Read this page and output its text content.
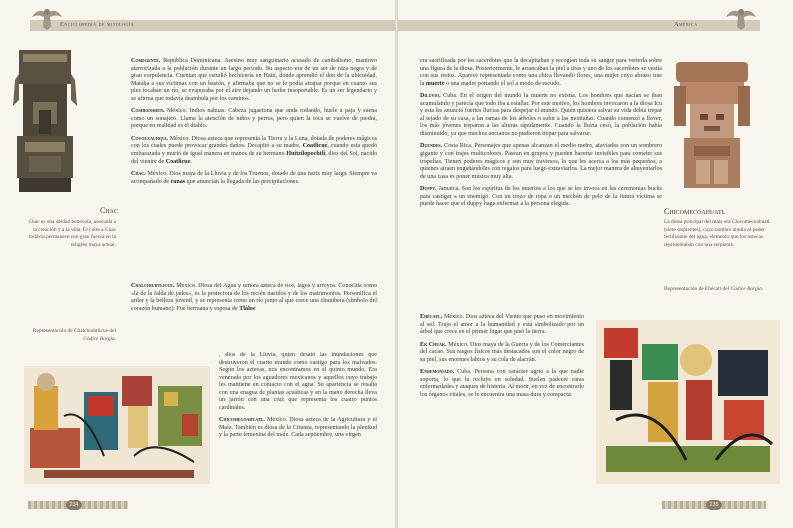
Enciclopedia de mitología
Chac
Chac es una deidad benévola, asociada a la creación y a la vida. El culto a Chac todavía permanece con gran fuerza en la religión maya actual.
Representación de Chalchiuhtlicue del Códice Borgia.

Comegente. República Dominicana. Asesino muy sanguinario acusado de canibalismo, mantuvo aterrorizada a la población durante un largo período. Su aspecto era de un ser de raza negra y de gran corpulencia. Cuentan que estudió hechicería en Haití, donde aprendió el don de la ubicuidad. Mataba a sus víctimas con un bastón, y afirmaba que no se le podía atrapar porque en cuanto sus pies tocaban un río, se evaporaba por el aire dejando un hedor insoportable. Es un ser legendario y se afirma que todavía deambula por los caminos.

Cosheenshen. México. Indios nahuas. Cabeza jugaetona que anda rodando, huele a paja y suena como un sonajero. Llama la atención de niños y perros, pero quien la toca se vuelve de piedra, porque en realidad es el diablo.

Coyolxauhqui. México. Diosa azteca que representa la Tierra y la Luna, dotada de poderes mágicos con los cuales puede provocar grandes daños. Decapitó a su madre, Coatlicue, cuando esta quedó embarazada y murió de igual manera en manos de su hermano Huitzilopochtli, dios del Sol, nacido del vientre de Coatlicue.

Chac. México. Dios maya de la Lluvia y de los Truenos, dotado de una nariz muy larga. Siempre va acompañado de ranas que anuncian la llegada de las precipitaciones.

Chalchiuhtlicue. México. Diosa del Agua y señora azteca de ríos, lagos y arroyos. Conocida como «la de la falda de jades», es la protectora de los recién nacidos y de los matrimonios. Personifica el ardor y la belleza juvenil, y se representa como un río junto al que crece una chumbera (símbolo del corazón humano). Fue hermana y esposa de Tláloc

, dios de la Lluvia, quien desató las inundaciones que destruyeron el cuarto mundo como castigo para los malvados. Según los aztecas, nos encontramos en el quinto mundo. Era venerada por los aguadores mexicanos y aquellos cuyo trabajo les mantiene en contacto con el agua. Su apariencia se resalta con una enagua de plantas acuáticas y en la mano derecha lleva un jarrón con una cruz que representa los cuatro puntos cardinales.

Chicomecoahuatl. México. Diosa azteca de la Agricultura y el Maíz. También es diosa de la Crianza, representando la plenitud y la parte femenina del maíz. Cada septiembre, una virgen

234
América

era sacrificada por los sacerdotes que la decapitaban y recogían toda su sangre para verterla sobre una figura de la diosa. Posteriormente, le arrancaban la piel a tiras y uno de los sacerdotes se vestía con sus restos. Aparece representada como una chica llevando flores, una mujer cuyo abrazo trae la muerte o una madre portando el sol a modo de escudo.

Diluvio. Cuba. En el origen del mundo la muerte no existía. Los hombres que nacían se iban acumulando y parecía que todo iba a estallar. Por este motivo, los hombres invocaron a la diosa Icu y esta les anunció fuertes lluvias para despejar el mundo. Quien quisiera salvar su vida debía trepar al tejado de su casa, a las ramas de los árboles o subir a las montañas. Cuando comenzó a llover, los más jóvenes treparon a las alturas rápidamente. Cuando la lluvia cesó, la población había disminuido, ya que muchos ancianos no pudieron trepar para salvarse.

Duendes. Costa Rica. Personajes que apenas alcanzan el medio metro, ataviados con un sombrero gigante y con trajes multicolores. Pasean en grupos y pueden hacerse invisibles para cometer sus tropelías. Tienen poderes mágicos y son muy traviesos, lo que les acerca a los más pequeños, a quienes atraen engañándoles con regalos para luego extraviarlos. La mejor manera de ahuyentarlos de una casa es poner música muy alta.

Duppy. Jamaica. Son los espíritus de los muertos a los que se les invoca en las ceremonias bucks para castigar a un enemigo. Con un trozo de ropa o un mechón de pelo de la futura víctima se puede hacer que el duppy haga enfermar a la persona elegida.

Ehécatl. México. Dios azteca del Viento que puso en movimiento al sol. Trajo el amor a la humanidad y está simbolizado por un árbol que crece en el primer lugar que pisó la tierra.

Ek Chuak. México. Dios maya de la Guerra y de los Comerciantes del cacao. Sus rasgos físicos más destacados son el color negro de su piel, sus enormes labios y su cola de alacrán.

Endemoniado. Cuba. Persona con carácter agrio a la que nadie soporta, lo que la recluye en soledad. Suelen padecer raras enfermedades y ataques de histeria. Al morir, en vez de encontrarle los órganos vitales, se le encuentra una masa dura y compacta.

Chicomecoahuatl
La diosa principal del maíz era Chicomecoahuatl (siete serpientes), cuyo nombre aludía al poder fertilizante del agua, elemento que los aztecas representaban con una serpiente.
Representación de Ehécatl del Códice Borgia.
235
